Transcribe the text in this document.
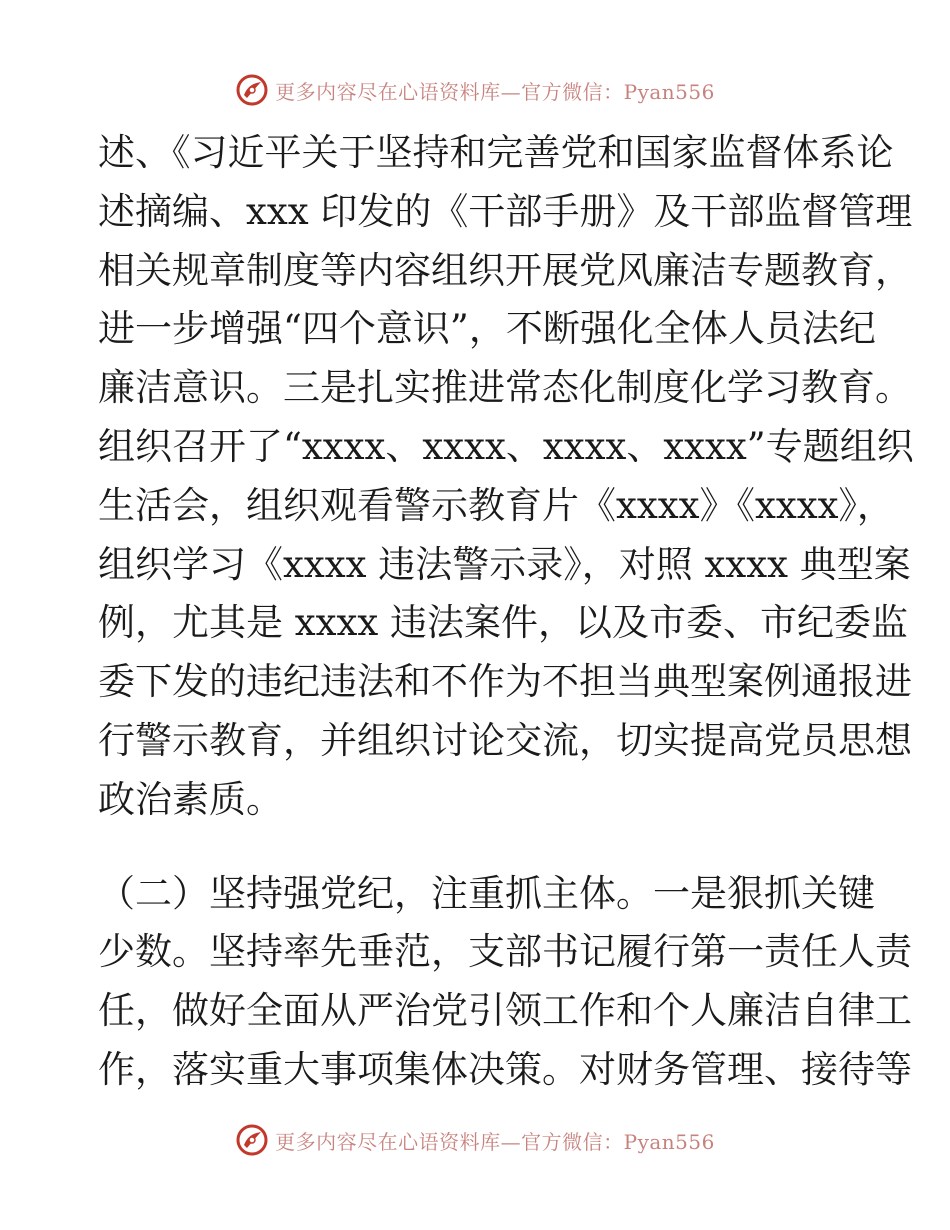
更多内容尽在心语资料库—官方微信：Pyan556
述、《习近平关于坚持和完善党和国家监督体系论
述摘编、xxx 印发的《干部手册》及干部监督管理
相关规章制度等内容组织开展党风廉洁专题教育，
进一步增强“四个意识”，不断强化全体人员法纪
廉洁意识。三是扎实推进常态化制度化学习教育。
组织召开了“xxxx、xxxx、xxxx、xxxx”专题组织
生活会，组织观看警示教育片《xxxx》《xxxx》，
组织学习《xxxx 违法警示录》，对照 xxxx 典型案
例，尤其是 xxxx 违法案件，以及市委、市纪委监
委下发的违纪违法和不作为不担当典型案例通报进
行警示教育，并组织讨论交流，切实提高党员思想
政治素质。
（二）坚持强党纪，注重抓主体。一是狠抓关键
少数。坚持率先垂范，支部书记履行第一责任人责
任，做好全面从严治党引领工作和个人廉洁自律工
作，落实重大事项集体决策。对财务管理、接待等
更多内容尽在心语资料库—官方微信：Pyan556
